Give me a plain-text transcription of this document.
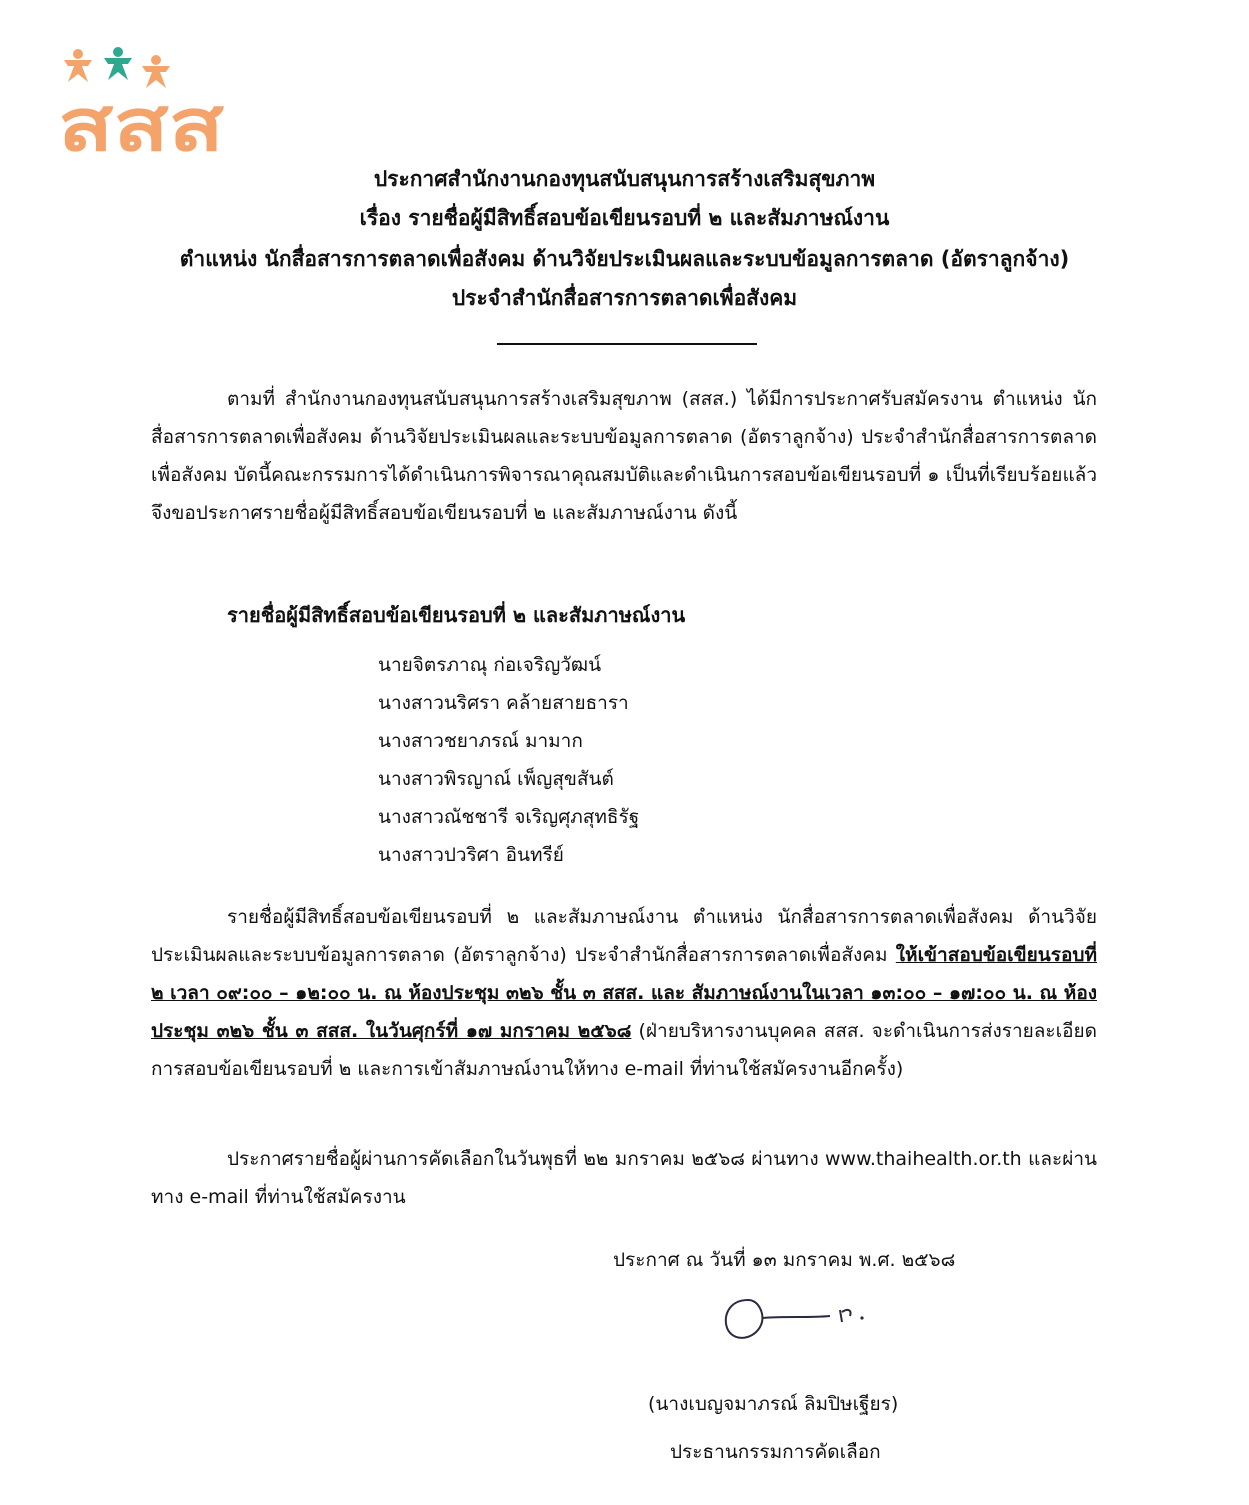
สสส
ประกาศสำนักงานกองทุนสนับสนุนการสร้างเสริมสุขภาพ
เรื่อง รายชื่อผู้มีสิทธิ์สอบข้อเขียนรอบที่ ๒ และสัมภาษณ์งาน
ตำแหน่ง นักสื่อสารการตลาดเพื่อสังคม ด้านวิจัยประเมินผลและระบบข้อมูลการตลาด (อัตราลูกจ้าง)
ประจำสำนักสื่อสารการตลาดเพื่อสังคม
ตามที่ สำนักงานกองทุนสนับสนุนการสร้างเสริมสุขภาพ (สสส.) ได้มีการประกาศรับสมัครงาน ตำแหน่ง นักสื่อสารการตลาดเพื่อสังคม ด้านวิจัยประเมินผลและระบบข้อมูลการตลาด (อัตราลูกจ้าง) ประจำสำนักสื่อสารการตลาดเพื่อสังคม บัดนี้คณะกรรมการได้ดำเนินการพิจารณาคุณสมบัติและดำเนินการสอบข้อเขียนรอบที่ ๑ เป็นที่เรียบร้อยแล้ว จึงขอประกาศรายชื่อผู้มีสิทธิ์สอบข้อเขียนรอบที่ ๒ และสัมภาษณ์งาน ดังนี้
รายชื่อผู้มีสิทธิ์สอบข้อเขียนรอบที่ ๒ และสัมภาษณ์งาน
นายจิตรภาณุ ก่อเจริญวัฒน์
นางสาวนริศรา คล้ายสายธารา
นางสาวชยาภรณ์ มามาก
นางสาวพิรญาณ์ เพ็ญสุขสันต์
นางสาวณัชชารี จเริญศุภสุทธิรัฐ
นางสาวปวริศา อินทรีย์
รายชื่อผู้มีสิทธิ์สอบข้อเขียนรอบที่ ๒ และสัมภาษณ์งาน ตำแหน่ง นักสื่อสารการตลาดเพื่อสังคม ด้านวิจัยประเมินผลและระบบข้อมูลการตลาด (อัตราลูกจ้าง) ประจำสำนักสื่อสารการตลาดเพื่อสังคม ให้เข้าสอบข้อเขียนรอบที่ ๒ เวลา ๐๙:๐๐ – ๑๒:๐๐ น. ณ ห้องประชุม ๓๒๖ ชั้น ๓ สสส. และ สัมภาษณ์งานในเวลา ๑๓:๐๐ – ๑๗:๐๐ น. ณ ห้องประชุม ๓๒๖ ชั้น ๓ สสส. ในวันศุกร์ที่ ๑๗ มกราคม ๒๕๖๘ (ฝ่ายบริหารงานบุคคล สสส. จะดำเนินการส่งรายละเอียดการสอบข้อเขียนรอบที่ ๒ และการเข้าสัมภาษณ์งานให้ทาง e-mail ที่ท่านใช้สมัครงานอีกครั้ง)
ประกาศรายชื่อผู้ผ่านการคัดเลือกในวันพุธที่ ๒๒ มกราคม ๒๕๖๘ ผ่านทาง www.thaihealth.or.th และผ่านทาง e-mail ที่ท่านใช้สมัครงาน
ประกาศ ณ วันที่ ๑๓ มกราคม พ.ศ. ๒๕๖๘
(นางเบญจมาภรณ์ ลิมปิษเฐียร)
ประธานกรรมการคัดเลือก
